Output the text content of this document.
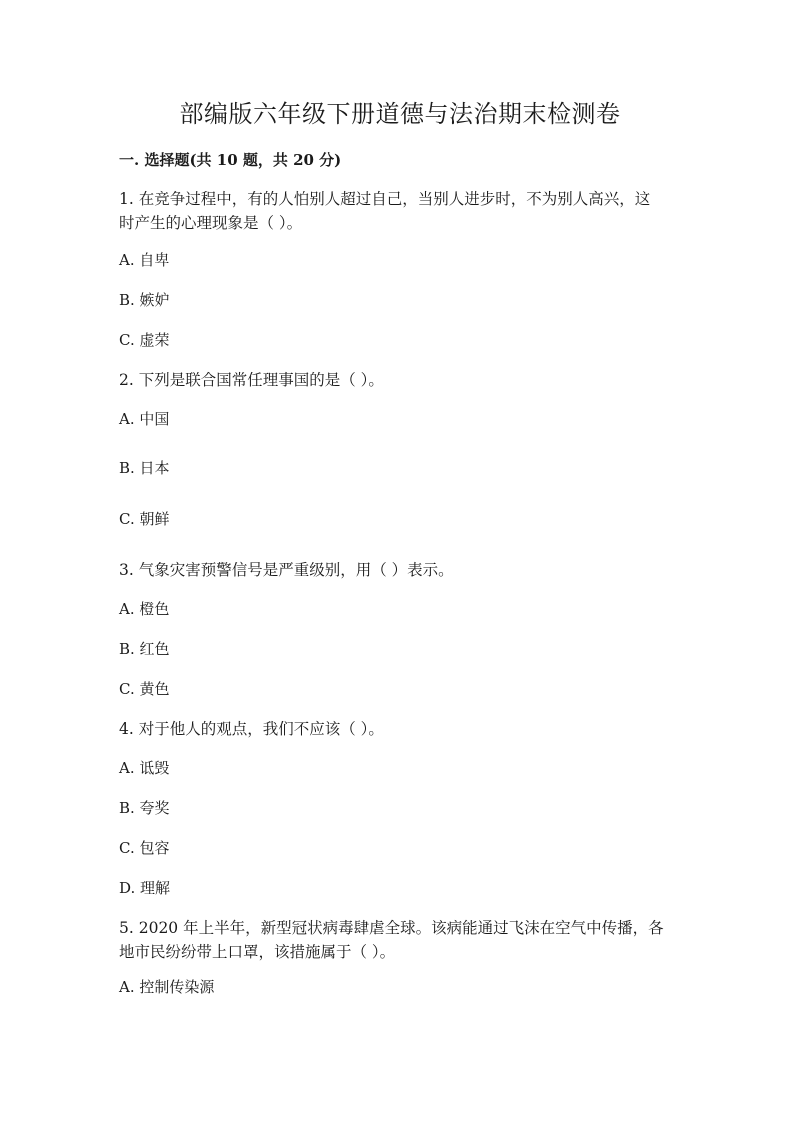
部编版六年级下册道德与法治期末检测卷
一. 选择题(共 10 题，共 20 分)
1. 在竞争过程中，有的人怕别人超过自己，当别人进步时，不为别人高兴，这
时产生的心理现象是（ ）。
A. 自卑
B. 嫉妒
C. 虚荣
2. 下列是联合国常任理事国的是（ ）。
A. 中国
B. 日本
C. 朝鲜
3. 气象灾害预警信号是严重级别，用（ ）表示。
A. 橙色
B. 红色
C. 黄色
4. 对于他人的观点，我们不应该（ ）。
A. 诋毁
B. 夸奖
C. 包容
D. 理解
5. 2020 年上半年，新型冠状病毒肆虐全球。该病能通过飞沫在空气中传播，各
地市民纷纷带上口罩，该措施属于（ ）。
A. 控制传染源
